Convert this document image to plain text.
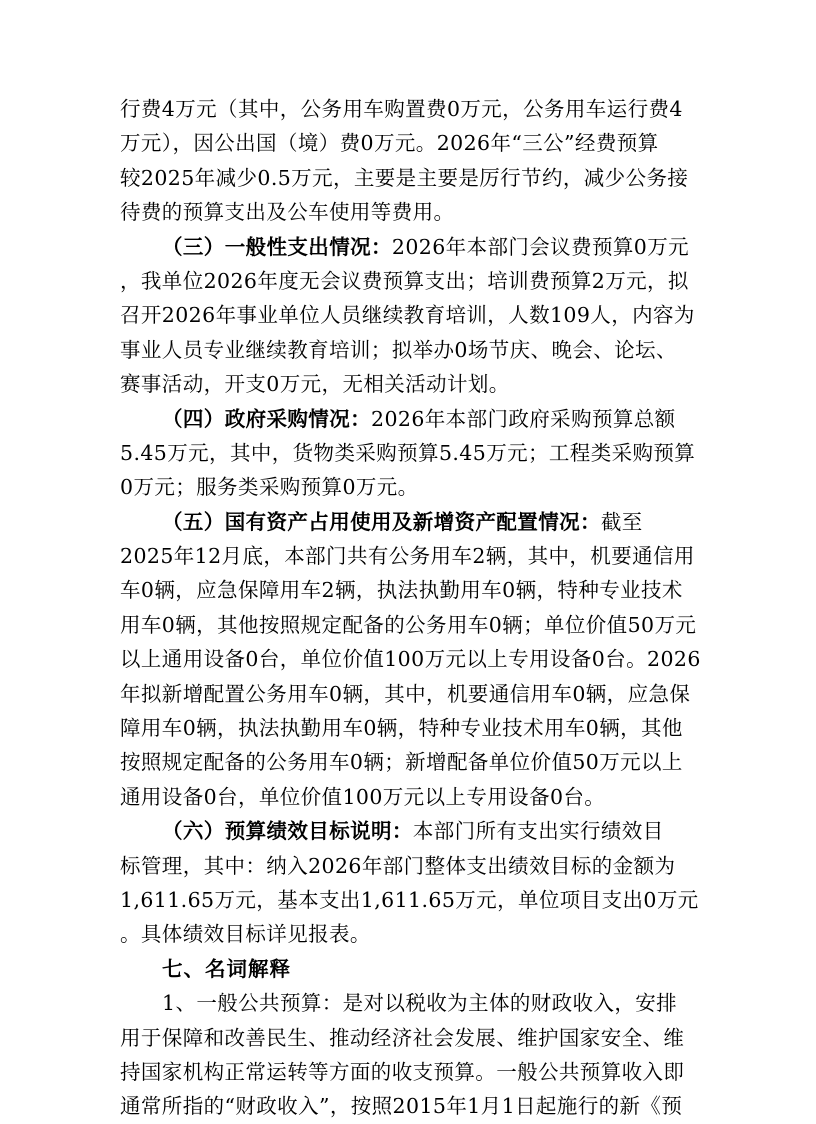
行费4万元（其中，公务用车购置费0万元，公务用车运行费4
万元），因公出国（境）费0万元。2026年“三公”经费预算
较2025年减少0.5万元，主要是主要是厉行节约，减少公务接
待费的预算支出及公车使用等费用。
（三）一般性支出情况：2026年本部门会议费预算0万元
，我单位2026年度无会议费预算支出；培训费预算2万元，拟
召开2026年事业单位人员继续教育培训，人数109人，内容为
事业人员专业继续教育培训；拟举办0场节庆、晚会、论坛、
赛事活动，开支0万元，无相关活动计划。
（四）政府采购情况：2026年本部门政府采购预算总额
5.45万元，其中，货物类采购预算5.45万元；工程类采购预算
0万元；服务类采购预算0万元。
（五）国有资产占用使用及新增资产配置情况：截至
2025年12月底，本部门共有公务用车2辆，其中，机要通信用
车0辆，应急保障用车2辆，执法执勤用车0辆，特种专业技术
用车0辆，其他按照规定配备的公务用车0辆；单位价值50万元
以上通用设备0台，单位价值100万元以上专用设备0台。2026
年拟新增配置公务用车0辆，其中，机要通信用车0辆，应急保
障用车0辆，执法执勤用车0辆，特种专业技术用车0辆，其他
按照规定配备的公务用车0辆；新增配备单位价值50万元以上
通用设备0台，单位价值100万元以上专用设备0台。
（六）预算绩效目标说明：本部门所有支出实行绩效目
标管理，其中：纳入2026年部门整体支出绩效目标的金额为
1,611.65万元，基本支出1,611.65万元，单位项目支出0万元
。具体绩效目标详见报表。
七、名词解释
1、一般公共预算：是对以税收为主体的财政收入，安排
用于保障和改善民生、推动经济社会发展、维护国家安全、维
持国家机构正常运转等方面的收支预算。一般公共预算收入即
通常所指的“财政收入”，按照2015年1月1日起施行的新《预
